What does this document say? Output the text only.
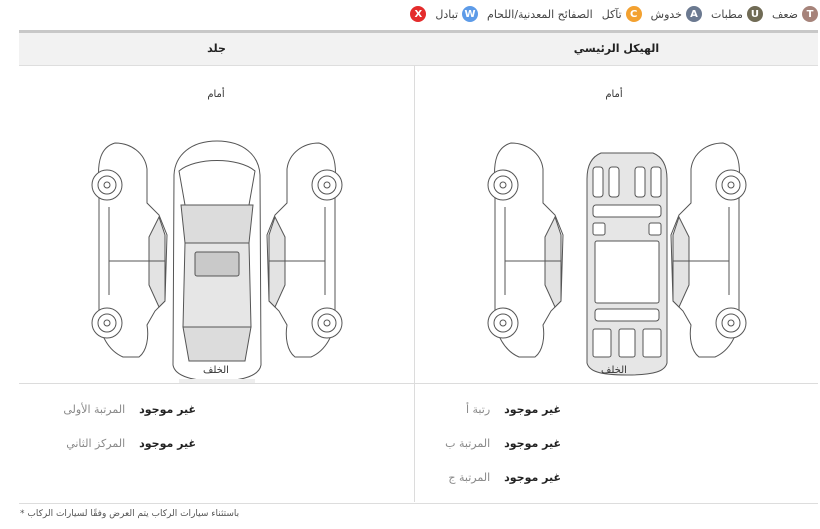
T
ضعف
U
مطبات
A
خدوش
C
تآكل
الصفائح المعدنية/اللحام
W
تبادل
X
جلد	الهيكل الرئيسي
أمام
الخلف
أمام
الخلف
غير موجود
المرتبة الأولى
غير موجود
المركز الثاني
غير موجود
رتبة أ
غير موجود
المرتبة ب
غير موجود
المرتبة ج
* باستثناء سيارات الركاب يتم العرض وفقًا لسيارات الركاب
